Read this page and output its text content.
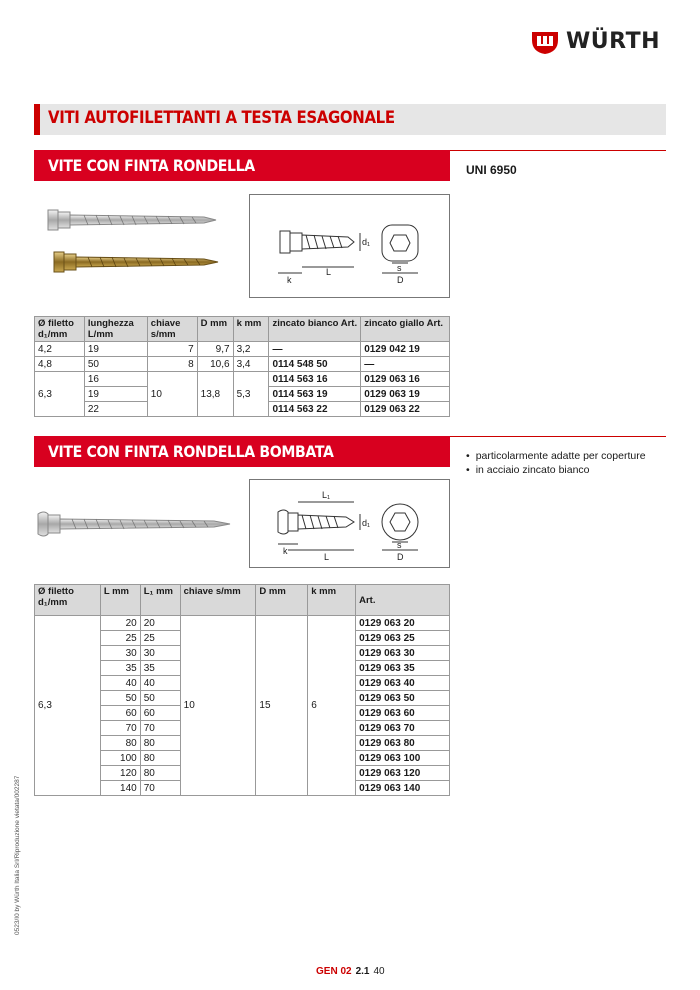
WÜRTH
VITI AUTOFILETTANTI A TESTA ESAGONALE
VITE CON FINTA RONDELLA	UNI 6950
k
L
d₁
s
D
Ø filetto d₁/mm	lunghezza L/mm	chiave s/mm	D mm	k mm	zincato bianco Art.	zincato giallo Art.
4,2	19	7	9,7	3,2	—	0129 042 19
4,8	50	8	10,6	3,4	0114 548 50	—
6,3	16	10	13,8	5,3	0114 563 16	0129 063 16
	19				0114 563 19	0129 063 19
	22				0114 563 22	0129 063 22
VITE CON FINTA RONDELLA BOMBATA	• particolarmente adatte per coperture
• in acciaio zincato bianco
L₁
k
L
d₁
s
D
Ø filetto d₁/mm	L mm	L₁ mm	chiave s/mm	D mm	k mm	Art.
6,3	20	20	10	15	6	0129 063 20
	25	25				0129 063 25
	30	30				0129 063 30
	35	35				0129 063 35
	40	40				0129 063 40
	50	50				0129 063 50
	60	60				0129 063 60
	70	70				0129 063 70
	80	80				0129 063 80
	100	80				0129 063 100
	120	80				0129 063 120
	140	70				0129 063 140
0523/I0 by Würth Italia Srl/Riproduzione vietata/002287
GEN 02 2.1 40
